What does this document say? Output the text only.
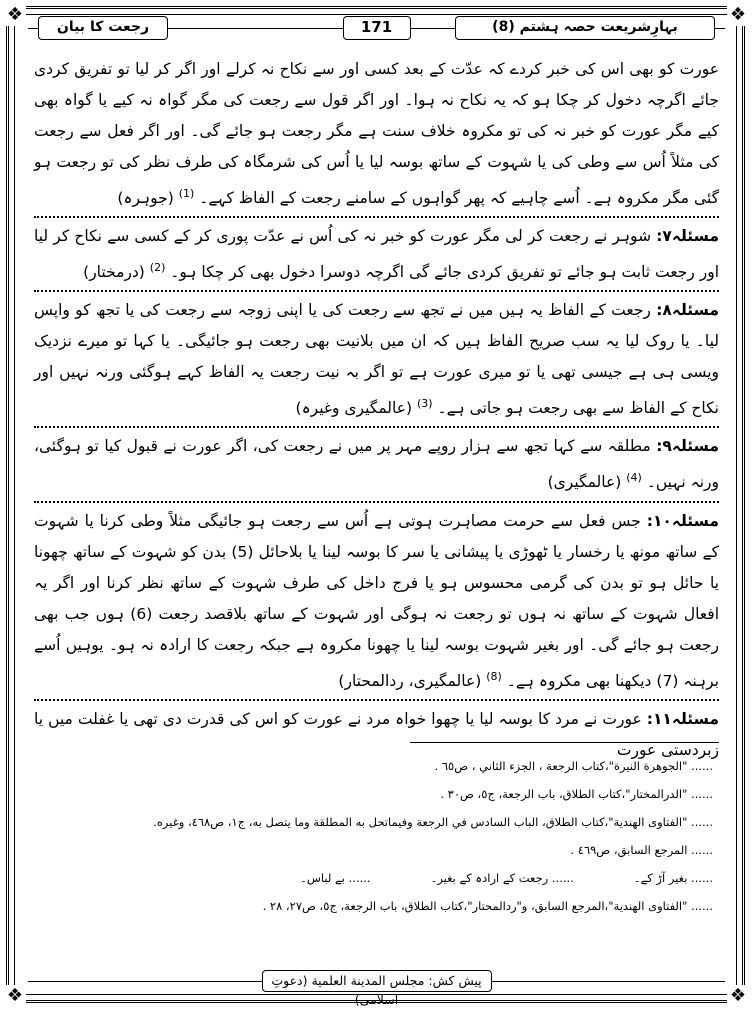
❖	❖
❖	❖
بہارِشریعت حصہ ہشتم (8)
171
رجعت کا بیان

عورت کو بھی اس کی خبر کردے کہ عدّت کے بعد کسی اور سے نکاح نہ کرلے اور اگر کر لیا تو تفریق کردی جائے اگرچہ دخول کر چکا ہو کہ یہ نکاح نہ ہوا۔ اور اگر قول سے رجعت کی مگر گواہ نہ کیے یا گواہ بھی کیے مگر عورت کو خبر نہ کی تو مکروہ خلاف سنت ہے مگر رجعت ہو جائے گی۔ اور اگر فعل سے رجعت کی مثلاً اُس سے وطی کی یا شہوت کے ساتھ بوسہ لیا یا اُس کی شرمگاہ کی طرف نظر کی تو رجعت ہو گئی مگر مکروہ ہے۔ اُسے چاہیے کہ پھر گواہوں کے سامنے رجعت کے الفاظ کہے۔ $^{(1)}$ (جوہرہ)

مسئلہ۷: شوہر نے رجعت کر لی مگر عورت کو خبر نہ کی اُس نے عدّت پوری کر کے کسی سے نکاح کر لیا اور رجعت ثابت ہو جائے تو تفریق کردی جائے گی اگرچہ دوسرا دخول بھی کر چکا ہو۔ $^{(2)}$ (درمختار)

مسئلہ۸: رجعت کے الفاظ یہ ہیں میں نے تجھ سے رجعت کی یا اپنی زوجہ سے رجعت کی یا تجھ کو واپس لیا۔ یا روک لیا یہ سب صریح الفاظ ہیں کہ ان میں بلانیت بھی رجعت ہو جائیگی۔ یا کہا تو میرے نزدیک ویسی ہی ہے جیسی تھی یا تو میری عورت ہے تو اگر بہ نیت رجعت یہ الفاظ کہے ہوگئی ورنہ نہیں اور نکاح کے الفاظ سے بھی رجعت ہو جاتی ہے۔ $^{(3)}$ (عالمگیری وغیرہ)

مسئلہ۹: مطلقہ سے کہا تجھ سے ہزار روپے مہر پر میں نے رجعت کی، اگر عورت نے قبول کیا تو ہوگئی، ورنہ نہیں۔ $^{(4)}$ (عالمگیری)

مسئلہ۱۰: جس فعل سے حرمت مصاہرت ہوتی ہے اُس سے رجعت ہو جائیگی مثلاً وطی کرنا یا شہوت کے ساتھ مونھ یا رخسار یا ٹھوڑی یا پیشانی یا سر کا بوسہ لینا یا بلاحائل (5) بدن کو شہوت کے ساتھ چھونا یا حائل ہو تو بدن کی گرمی محسوس ہو یا فرج داخل کی طرف شہوت کے ساتھ نظر کرنا اور اگر یہ افعال شہوت کے ساتھ نہ ہوں تو رجعت نہ ہوگی اور شہوت کے ساتھ بلاقصد رجعت (6) ہوں جب بھی رجعت ہو جائے گی۔ اور بغیر شہوت بوسہ لینا یا چھونا مکروہ ہے جبکہ رجعت کا ارادہ نہ ہو۔ یوہیں اُسے برہنہ (7) دیکھنا بھی مکروہ ہے۔ $^{(8)}$ (عالمگیری، ردالمحتار)

مسئلہ۱۱: عورت نے مرد کا بوسہ لیا یا چھوا خواہ مرد نے عورت کو اس کی قدرت دی تھی یا غفلت میں یا زبردستی عورت

...... "الجوهرة النيرة"،كتاب الرجعة ، الجزء الثاني ، ص٦٥ .

...... "الدرالمختار"،كتاب الطلاق، باب الرجعة، ج٥، ص٣٠ .

...... "الفتاوى الهندية"،كتاب الطلاق، الباب السادس في الرجعة وفيماتحل به المطلقة وما يتصل به، ج١، ص٤٦٨، وغيره.

...... المرجع السابق، ص٤٦٩ .

...... بغیر آڑ کے۔
...... رجعت کے ارادہ کے بغیر۔
...... بے لباس۔

...... "الفتاوى الهندية"،المرجع السابق، و"ردالمحتار"،كتاب الطلاق، باب الرجعة، ج٥، ص٢٧، ٢٨ .

پیش کش: مجلس المدينة العلمية (دعوتِ اسلامی)
